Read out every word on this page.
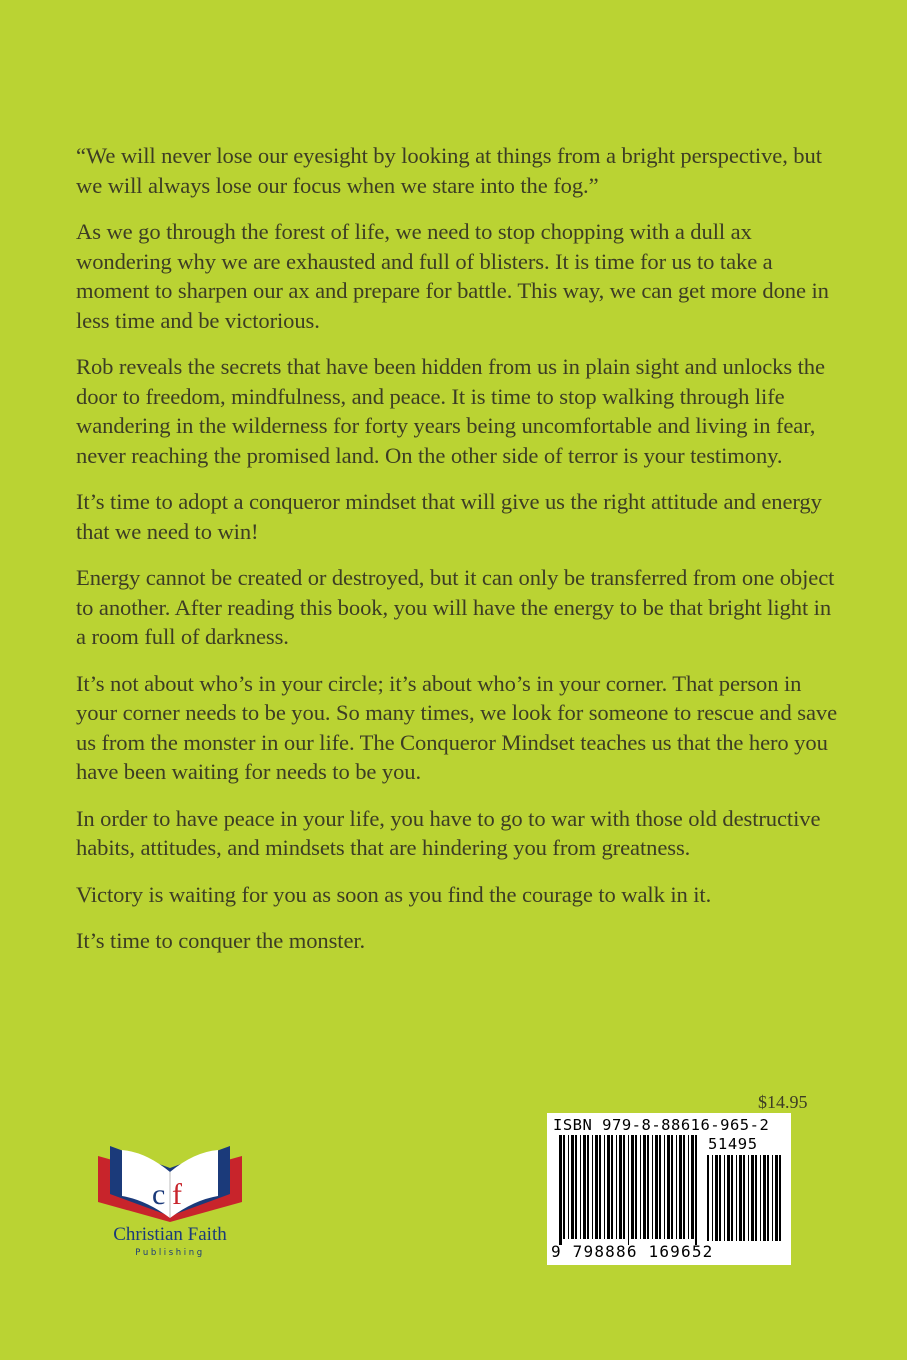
“We will never lose our eyesight by looking at things from a bright perspective, but we will always lose our focus when we stare into the fog.”

As we go through the forest of life, we need to stop chopping with a dull ax wondering why we are exhausted and full of blisters. It is time for us to take a moment to sharpen our ax and prepare for battle. This way, we can get more done in less time and be victorious.

Rob reveals the secrets that have been hidden from us in plain sight and unlocks the door to freedom, mindfulness, and peace. It is time to stop walking through life wandering in the wilderness for forty years being uncomfortable and living in fear, never reaching the promised land. On the other side of terror is your testimony.

It’s time to adopt a conqueror mindset that will give us the right attitude and energy that we need to win!

Energy cannot be created or destroyed, but it can only be transferred from one object to another. After reading this book, you will have the energy to be that bright light in a room full of darkness.

It’s not about who’s in your circle; it’s about who’s in your corner. That person in your corner needs to be you. So many times, we look for someone to rescue and save us from the monster in our life. The Conqueror Mindset teaches us that the hero you have been waiting for needs to be you.

In order to have peace in your life, you have to go to war with those old destructive habits, attitudes, and mindsets that are hindering you from greatness.

Victory is waiting for you as soon as you find the courage to walk in it.

It’s time to conquer the monster.

c f
Christian Faith
Publishing
$14.95
ISBN 979-8-88616-965-2
51495
9 798886 169652
